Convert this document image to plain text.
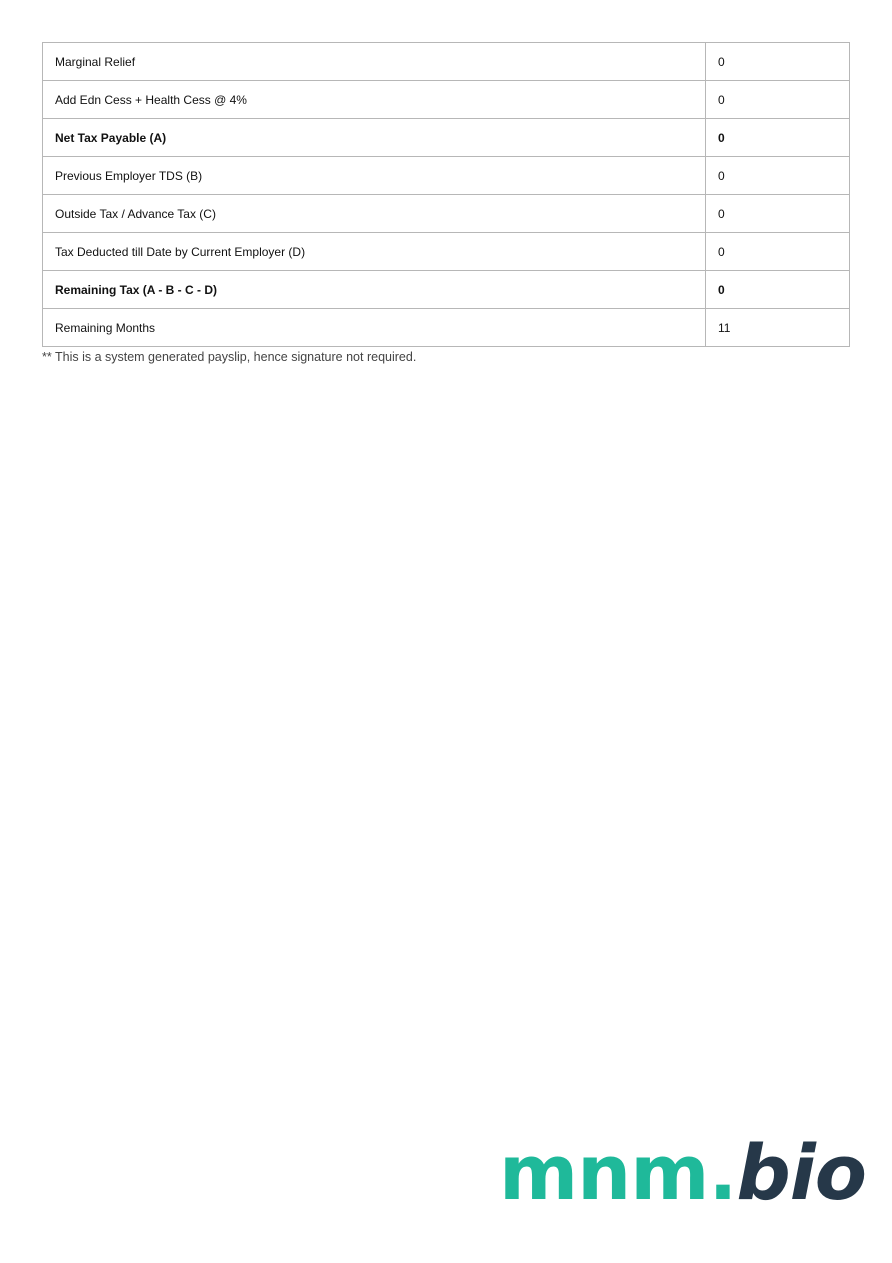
Marginal Relief	0
Add Edn Cess + Health Cess @ 4%	0
Net Tax Payable (A)	0
Previous Employer TDS (B)	0
Outside Tax / Advance Tax (C)	0
Tax Deducted till Date by Current Employer (D)	0
Remaining Tax (A - B - C - D)	0
Remaining Months	11

** This is a system generated payslip, hence signature not required.

mnm.bio
